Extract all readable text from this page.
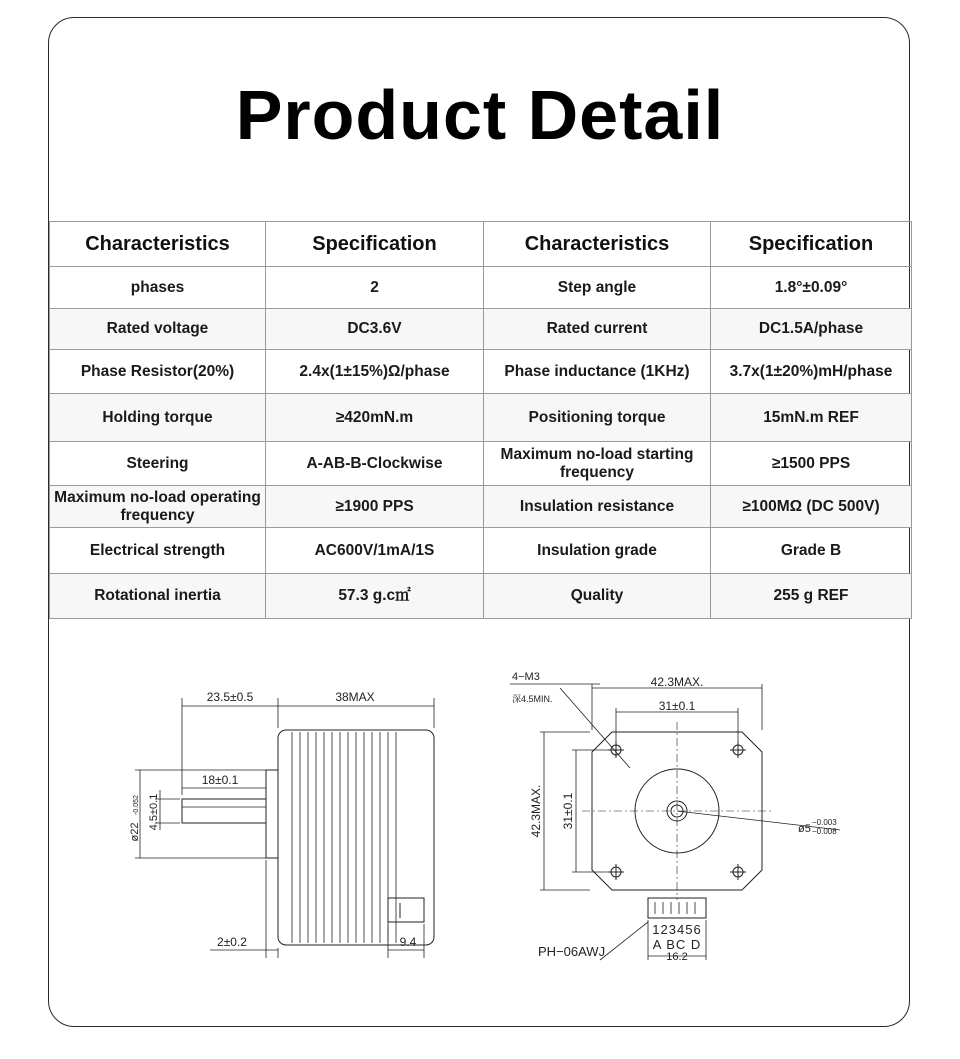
Product Detail
Characteristics	Specification	Characteristics	Specification
phases	2	Step angle	1.8°±0.09°
Rated voltage	DC3.6V	Rated current	DC1.5A/phase
Phase Resistor(20%)	2.4x(1±15%)Ω/phase	Phase inductance (1KHz)	3.7x(1±20%)mH/phase
Holding torque	≥420mN.m	Positioning torque	15mN.m REF
Steering	A-AB-B-Clockwise	Maximum no-load starting frequency	≥1500 PPS
Maximum no-load operating frequency	≥1900 PPS	Insulation resistance	≥100MΩ (DC 500V)
Electrical strength	AC600V/1mA/1S	Insulation grade	Grade B
Rotational inertia	57.3 g.c㎡	Quality	255 g REF
23.5±0.5	38MAX
18±0.1
ø22
-0.052 4.5±0.1
2±0.2	9.4
4−M3
深4.5MIN.
42.3MAX.
31±0.1
42.3MAX. 31±0.1	ø5
−0.003
−0.008
123456
A BC D
16.2
PH−06AWJ
